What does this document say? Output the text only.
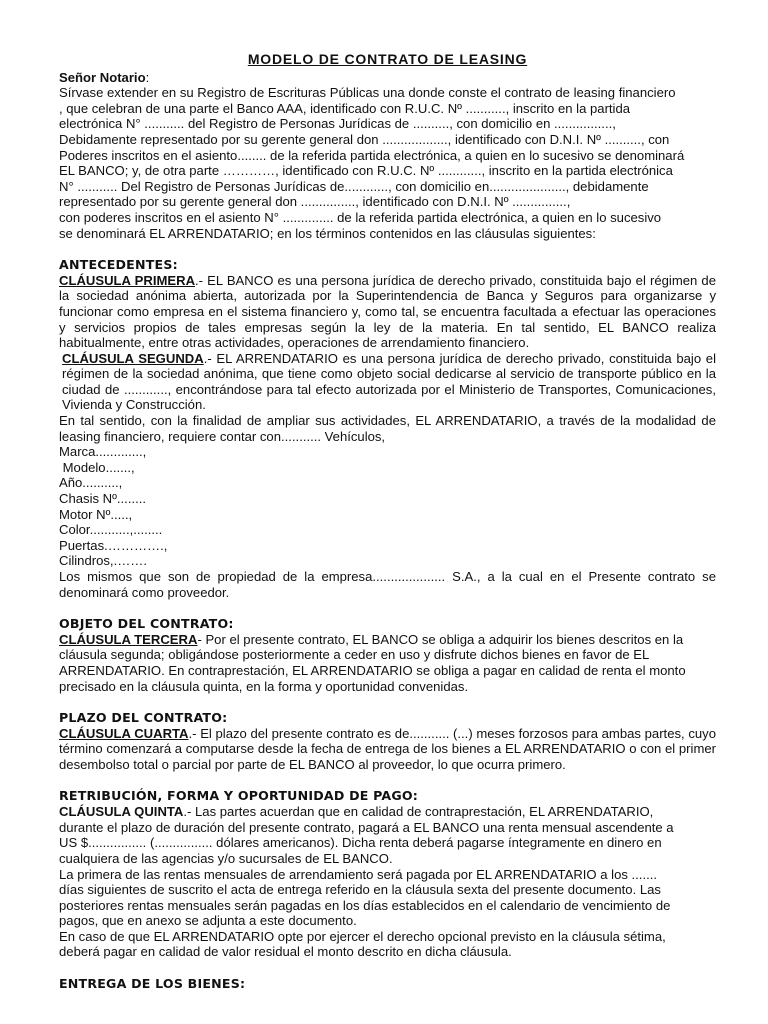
MODELO DE CONTRATO DE LEASING

Señor Notario:

Sírvase extender en su Registro de Escrituras Públicas una donde conste el contrato de leasing financiero

, que celebran de una parte el Banco AAA, identificado con R.U.C. Nº ..........., inscrito en la partida

electrónica N° ........... del Registro de Personas Jurídicas de .........., con domicilio en ................,

Debidamente representado por su gerente general don .................., identificado con D.N.I. Nº .........., con

Poderes inscritos en el asiento........ de la referida partida electrónica, a quien en lo sucesivo se denominará

EL BANCO; y, de otra parte …………, identificado con R.U.C. Nº ............, inscrito en la partida electrónica

N° ........... Del Registro de Personas Jurídicas de............, con domicilio en....................., debidamente

representado por su gerente general don ..............., identificado con D.N.I. Nº ...............,

con poderes inscritos en el asiento N° .............. de la referida partida electrónica, a quien en lo sucesivo

se denominará EL ARRENDATARIO; en los términos contenidos en las cláusulas siguientes:

ANTECEDENTES:

CLÁUSULA PRIMERA.- EL BANCO es una persona jurídica de derecho privado, constituida bajo el régimen de la sociedad anónima abierta, autorizada por la Superintendencia de Banca y Seguros para organizarse y funcionar como empresa en el sistema financiero y, como tal, se encuentra facultada a efectuar las operaciones y servicios propios de tales empresas según la ley de la materia. En tal sentido, EL BANCO realiza habitualmente, entre otras actividades, operaciones de arrendamiento financiero.

CLÁUSULA SEGUNDA.- EL ARRENDATARIO es una persona jurídica de derecho privado, constituida bajo el régimen de la sociedad anónima, que tiene como objeto social dedicarse al servicio de transporte público en la ciudad de ............, encontrándose para tal efecto autorizada por el Ministerio de Transportes, Comunicaciones, Vivienda y Construcción.

En tal sentido, con la finalidad de ampliar sus actividades, EL ARRENDATARIO, a través de la modalidad de leasing financiero, requiere contar con........... Vehículos,

Marca.............,

Modelo.......,

Año..........,

Chasis Nº........

Motor Nº.....,

Color...........,........

Puertas.………….,

Cilindros,.…….

Los mismos que son de propiedad de la empresa.................... S.A., a la cual en el Presente contrato se denominará como proveedor.

OBJETO DEL CONTRATO:

CLÁUSULA TERCERA- Por el presente contrato, EL BANCO se obliga a adquirir los bienes descritos en la

cláusula segunda; obligándose posteriormente a ceder en uso y disfrute dichos bienes en favor de EL

ARRENDATARIO. En contraprestación, EL ARRENDATARIO se obliga a pagar en calidad de renta el monto

precisado en la cláusula quinta, en la forma y oportunidad convenidas.

PLAZO DEL CONTRATO:

CLÁUSULA CUARTA.- El plazo del presente contrato es de........... (...) meses forzosos para ambas partes, cuyo término comenzará a computarse desde la fecha de entrega de los bienes a EL ARRENDATARIO o con el primer desembolso total o parcial por parte de EL BANCO al proveedor, lo que ocurra primero.

RETRIBUCIÓN, FORMA Y OPORTUNIDAD DE PAGO:

CLÁUSULA QUINTA.- Las partes acuerdan que en calidad de contraprestación, EL ARRENDATARIO,

durante el plazo de duración del presente contrato, pagará a EL BANCO una renta mensual ascendente a

US $................ (................ dólares americanos). Dicha renta deberá pagarse íntegramente en dinero en

cualquiera de las agencias y/o sucursales de EL BANCO.

La primera de las rentas mensuales de arrendamiento será pagada por EL ARRENDATARIO a los .......

días siguientes de suscrito el acta de entrega referido en la cláusula sexta del presente documento. Las

posteriores rentas mensuales serán pagadas en los días establecidos en el calendario de vencimiento de

pagos, que en anexo se adjunta a este documento.

En caso de que EL ARRENDATARIO opte por ejercer el derecho opcional previsto en la cláusula sétima,

deberá pagar en calidad de valor residual el monto descrito en dicha cláusula.

ENTREGA DE LOS BIENES:
